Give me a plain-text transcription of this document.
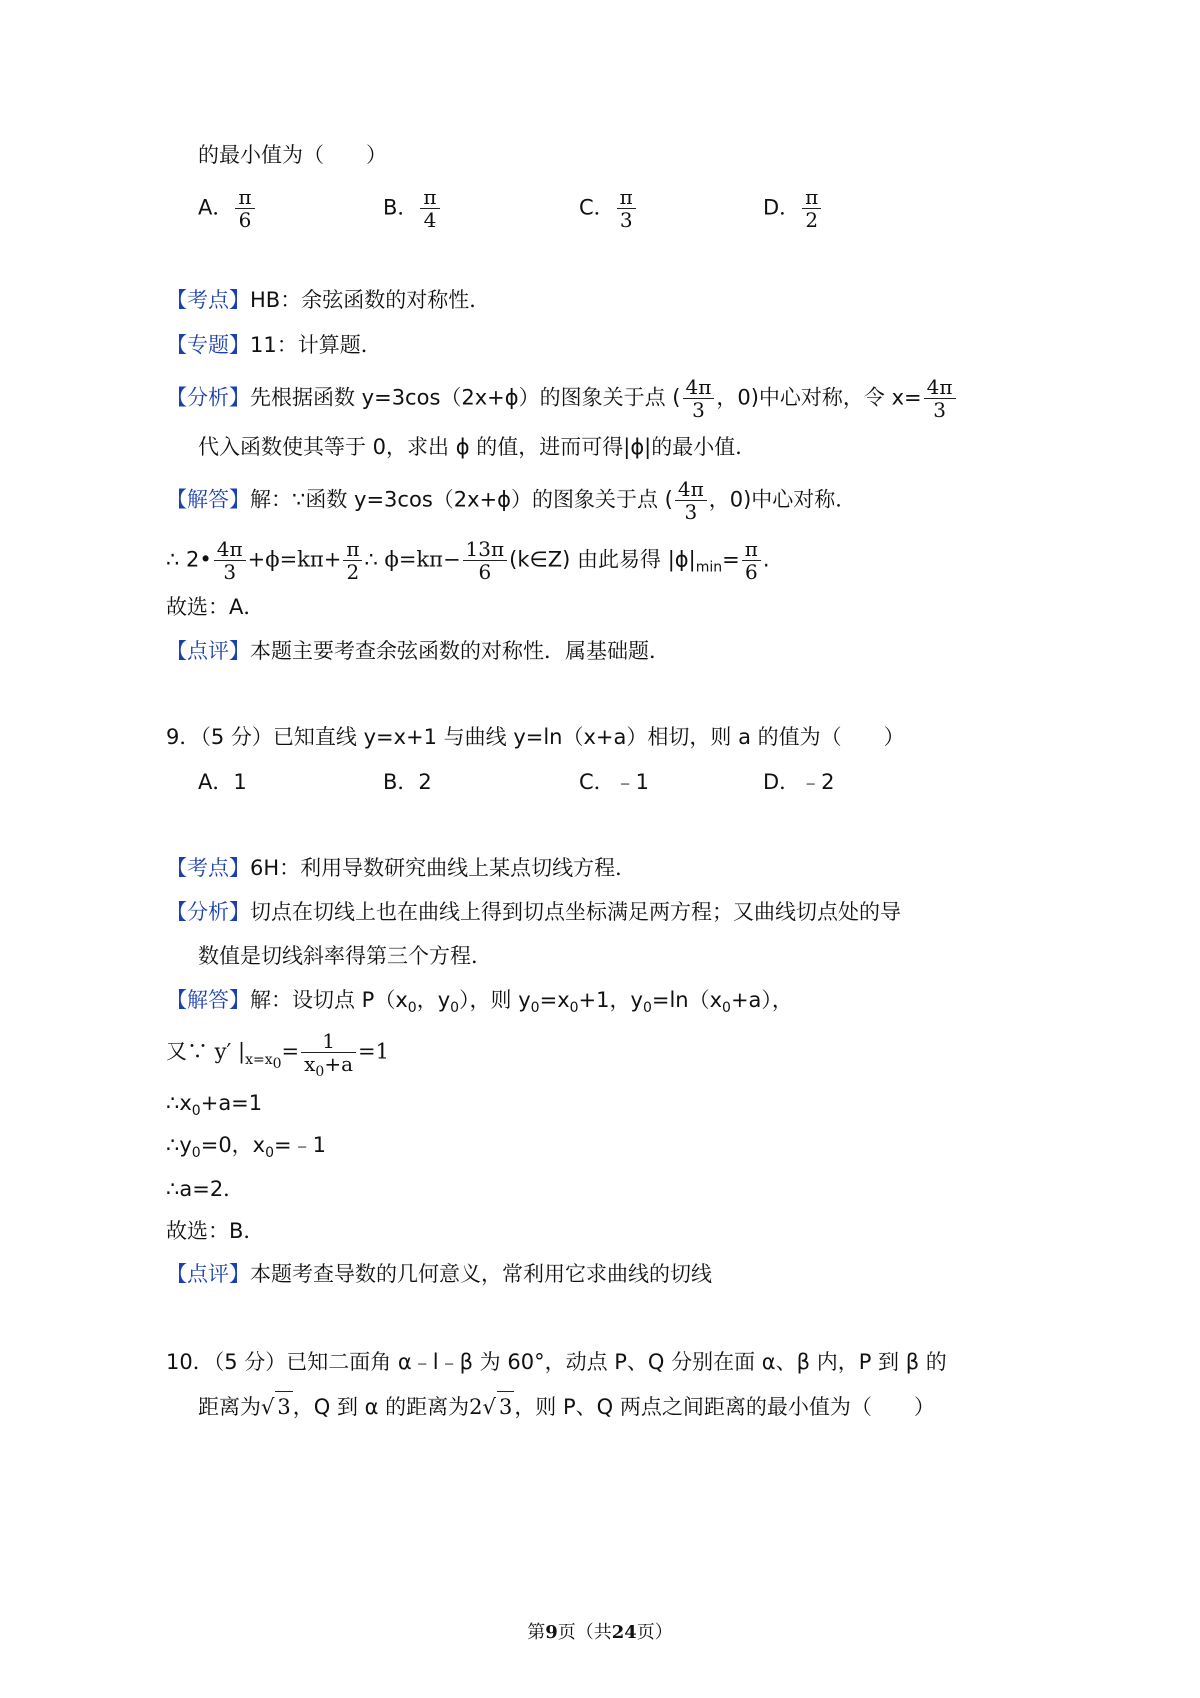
的最小值为（　　）
A． $\frac{\pi}{6}$	B． $\frac{\pi}{4}$	C． $\frac{\pi}{3}$	D． $\frac{\pi}{2}$
【考点】HB：余弦函数的对称性．
【专题】11：计算题．
【分析】先根据函数 y=3cos（2x+ϕ）的图象关于点 ( $\frac{4\pi}{3}$ ，0)中心对称，令 $x= \frac{4\pi}{3}$
代入函数使其等于 0，求出 ϕ 的值，进而可得|ϕ|的最小值．
【解答】解：∵函数 y=3cos（2x+ϕ）的图象关于点 ( $\frac{4\pi}{3}$ ，0)中心对称．
∴ 2• $\frac{4\pi}{3} +\phi=k\pi+ \frac{\pi}{2}$ ∴ $\phi=k\pi- \frac{13\pi}{6}$ (k∈Z) 由此易得 $|\phi|_{min}= \frac{\pi}{6}$ .
故选：A．
【点评】本题主要考查余弦函数的对称性．属基础题．
9．（5 分）已知直线 y=x+1 与曲线 y=ln（x+a）相切，则 a 的值为（　　）
A．1	B．2	C．﹣1	D．﹣2
【考点】6H：利用导数研究曲线上某点切线方程．
【分析】切点在切线上也在曲线上得到切点坐标满足两方程；又曲线切点处的导
数值是切线斜率得第三个方程．
【解答】解：设切点 $P(x_0$，$y_0$），则 $y_0=x_0+1$，$y_0=\ln(x_0+a)$，
又∵ y′ $|_{x=x_0}= \frac{1}{x_0+a} =1$
$\therefore x_0+a=1$
$\therefore y_0=0$，$x_0=﹣1$
∴a=2．
故选：B．
【点评】本题考查导数的几何意义，常利用它求曲线的切线
10．（5 分）已知二面角 α﹣l﹣β 为 60°，动点 P、Q 分别在面 α、β 内，P 到 β 的
距离为√ 3，Q 到 α 的距离为2√ 3，则 P、Q 两点之间距离的最小值为（　　）
第9页（共24页）
